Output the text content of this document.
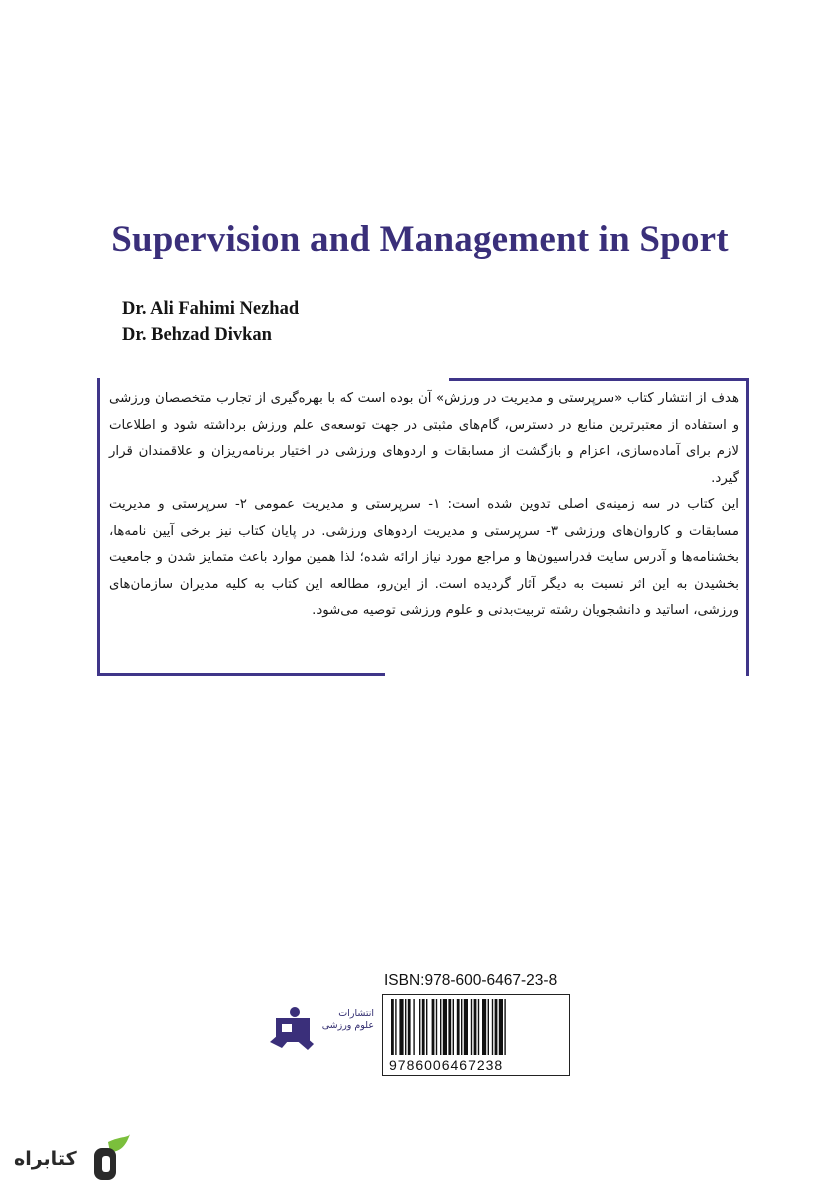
Supervision and Management in Sport
Dr. Ali Fahimi Nezhad
Dr. Behzad Divkan

هدف از انتشار کتاب «سرپرستی و مدیریت در ورزش» آن بوده است که با بهره‌گیری از تجارب متخصصان ورزشی و استفاده از معتبرترین منابع در دسترس، گام‌های مثبتی در جهت توسعه‌ی علم ورزش برداشته شود و اطلاعات لازم برای آماده‌سازی، اعزام و بازگشت از مسابقات و اردوهای ورزشی در اختیار برنامه‌ریزان و علاقمندان قرار گیرد.

این کتاب در سه زمینه‌ی اصلی تدوین شده است: ۱- سرپرستی و مدیریت عمومی ۲- سرپرستی و مدیریت مسابقات و کاروان‌های ورزشی ۳- سرپرستی و مدیریت اردوهای ورزشی. در پایان کتاب نیز برخی آیین نامه‌ها، بخشنامه‌ها و آدرس سایت فدراسیون‌ها و مراجع مورد نیاز ارائه شده؛ لذا همین موارد باعث متمایز شدن و جامعیت بخشیدن به این اثر نسبت به دیگر آثار گردیده است. از این‌رو، مطالعه این کتاب به کلیه مدیران سازمان‌های ورزشی، اساتید و دانشجویان رشته تربیت‌بدنی و علوم ورزشی توصیه می‌شود.

انتشارات
علوم ورزشی
ISBN:978-600-6467-23-8
9786006467238
کتابراه
